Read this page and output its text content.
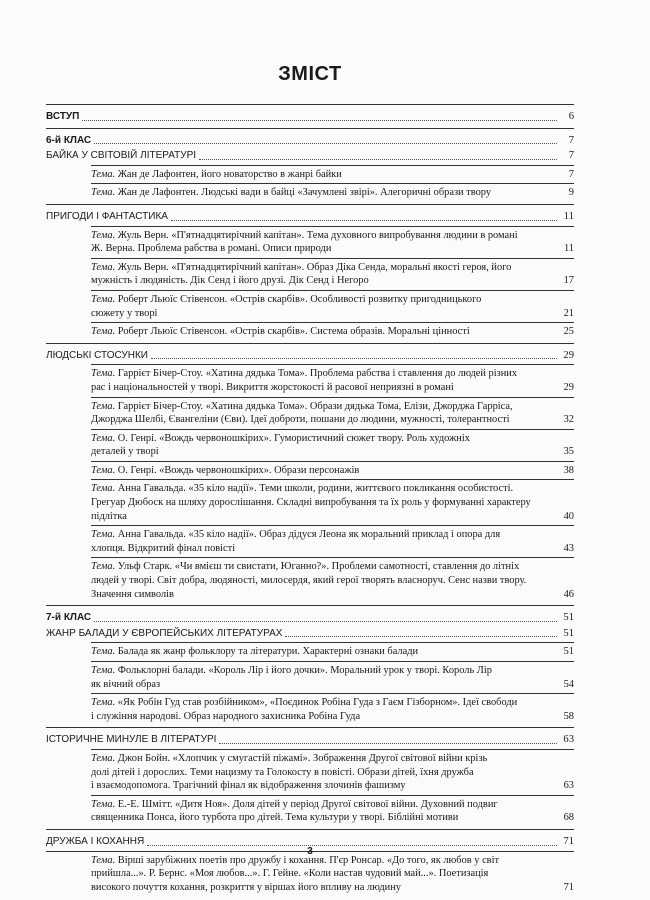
ЗМІСТ
ВСТУП	6
6-й КЛАС	7
БАЙКА У СВІТОВІЙ ЛІТЕРАТУРІ	7
Тема. Жан де Лафонтен, його новаторство в жанрі байки	7
Тема. Жан де Лафонтен. Людські вади в байці «Зачумлені звірі». Алегоричні образи твору	9
ПРИГОДИ І ФАНТАСТИКА	11
Тема. Жуль Верн. «П'ятнадцятирічний капітан». Тема духовного випробування людини в романі
Ж. Верна. Проблема рабства в романі. Описи природи	11
Тема. Жуль Верн. «П'ятнадцятирічний капітан». Образ Діка Сенда, моральні якості героя, його
мужність і людяність. Дік Сенд і його друзі. Дік Сенд і Негоро	17
Тема. Роберт Льюїс Стівенсон. «Острів скарбів». Особливості розвитку пригодницького
сюжету у творі	21
Тема. Роберт Льюїс Стівенсон. «Острів скарбів». Система образів. Моральні цінності	25
ЛЮДСЬКІ СТОСУНКИ	29
Тема. Гаррієт Бічер-Стоу. «Хатина дядька Тома». Проблема рабства і ставлення до людей різних
рас і національностей у творі. Викриття жорстокості й расової неприязні в романі	29
Тема. Гаррієт Бічер-Стоу. «Хатина дядька Тома». Образи дядька Тома, Елізи, Джорджа Гарріса,
Джорджа Шелбі, Євангеліни (Єви). Ідеї доброти, пошани до людини, мужності, толерантності	32
Тема. О. Генрі. «Вождь червоношкірих». Гумористичний сюжет твору. Роль художніх
деталей у творі	35
Тема. О. Генрі. «Вождь червоношкірих». Образи персонажів	38
Тема. Анна Гавальда. «35 кіло надії». Теми школи, родини, життєвого покликання особистості.
Грегуар Дюбоск на шляху дорослішання. Складні випробування та їх роль у формуванні характеру
підлітка	40
Тема. Анна Гавальда. «35 кіло надії». Образ дідуся Леона як моральний приклад і опора для
хлопця. Відкритий фінал повісті	43
Тема. Ульф Старк. «Чи вмієш ти свистати, Юганно?». Проблеми самотності, ставлення до літніх
людей у творі. Світ добра, людяності, милосердя, який герої творять власноруч. Сенс назви твору.
Значення символів	46
7-й КЛАС	51
ЖАНР БАЛАДИ У ЄВРОПЕЙСЬКИХ ЛІТЕРАТУРАХ	51
Тема. Балада як жанр фольклору та літератури. Характерні ознаки балади	51
Тема. Фольклорні балади. «Король Лір і його дочки». Моральний урок у творі. Король Лір
як вічний образ	54
Тема. «Як Робін Гуд став розбійником», «Поєдинок Робіна Гуда з Гаєм Гізборном». Ідеї свободи
і служіння народові. Образ народного захисника Робіна Гуда	58
ІСТОРИЧНЕ МИНУЛЕ В ЛІТЕРАТУРІ	63
Тема. Джон Бойн. «Хлопчик у смугастій піжамі». Зображення Другої світової війни крізь
долі дітей і дорослих. Теми нацизму та Голокосту в повісті. Образи дітей, їхня дружба
і взаємодопомога. Трагічний фінал як відображення злочинів фашизму	63
Тема. Е.-Е. Шмітт. «Дитя Ноя». Доля дітей у період Другої світової війни. Духовний подвиг
священника Понса, його турбота про дітей. Тема культури у творі. Біблійні мотиви	68
ДРУЖБА І КОХАННЯ	71
Тема. Вірші зарубіжних поетів про дружбу і кохання. П'єр Ронсар. «До того, як любов у світ
прийшла...». Р. Бернс. «Моя любов...». Г. Гейне. «Коли настав чудовий май...». Поетизація
високого почуття кохання, розкриття у віршах його впливу на людину	71
3
